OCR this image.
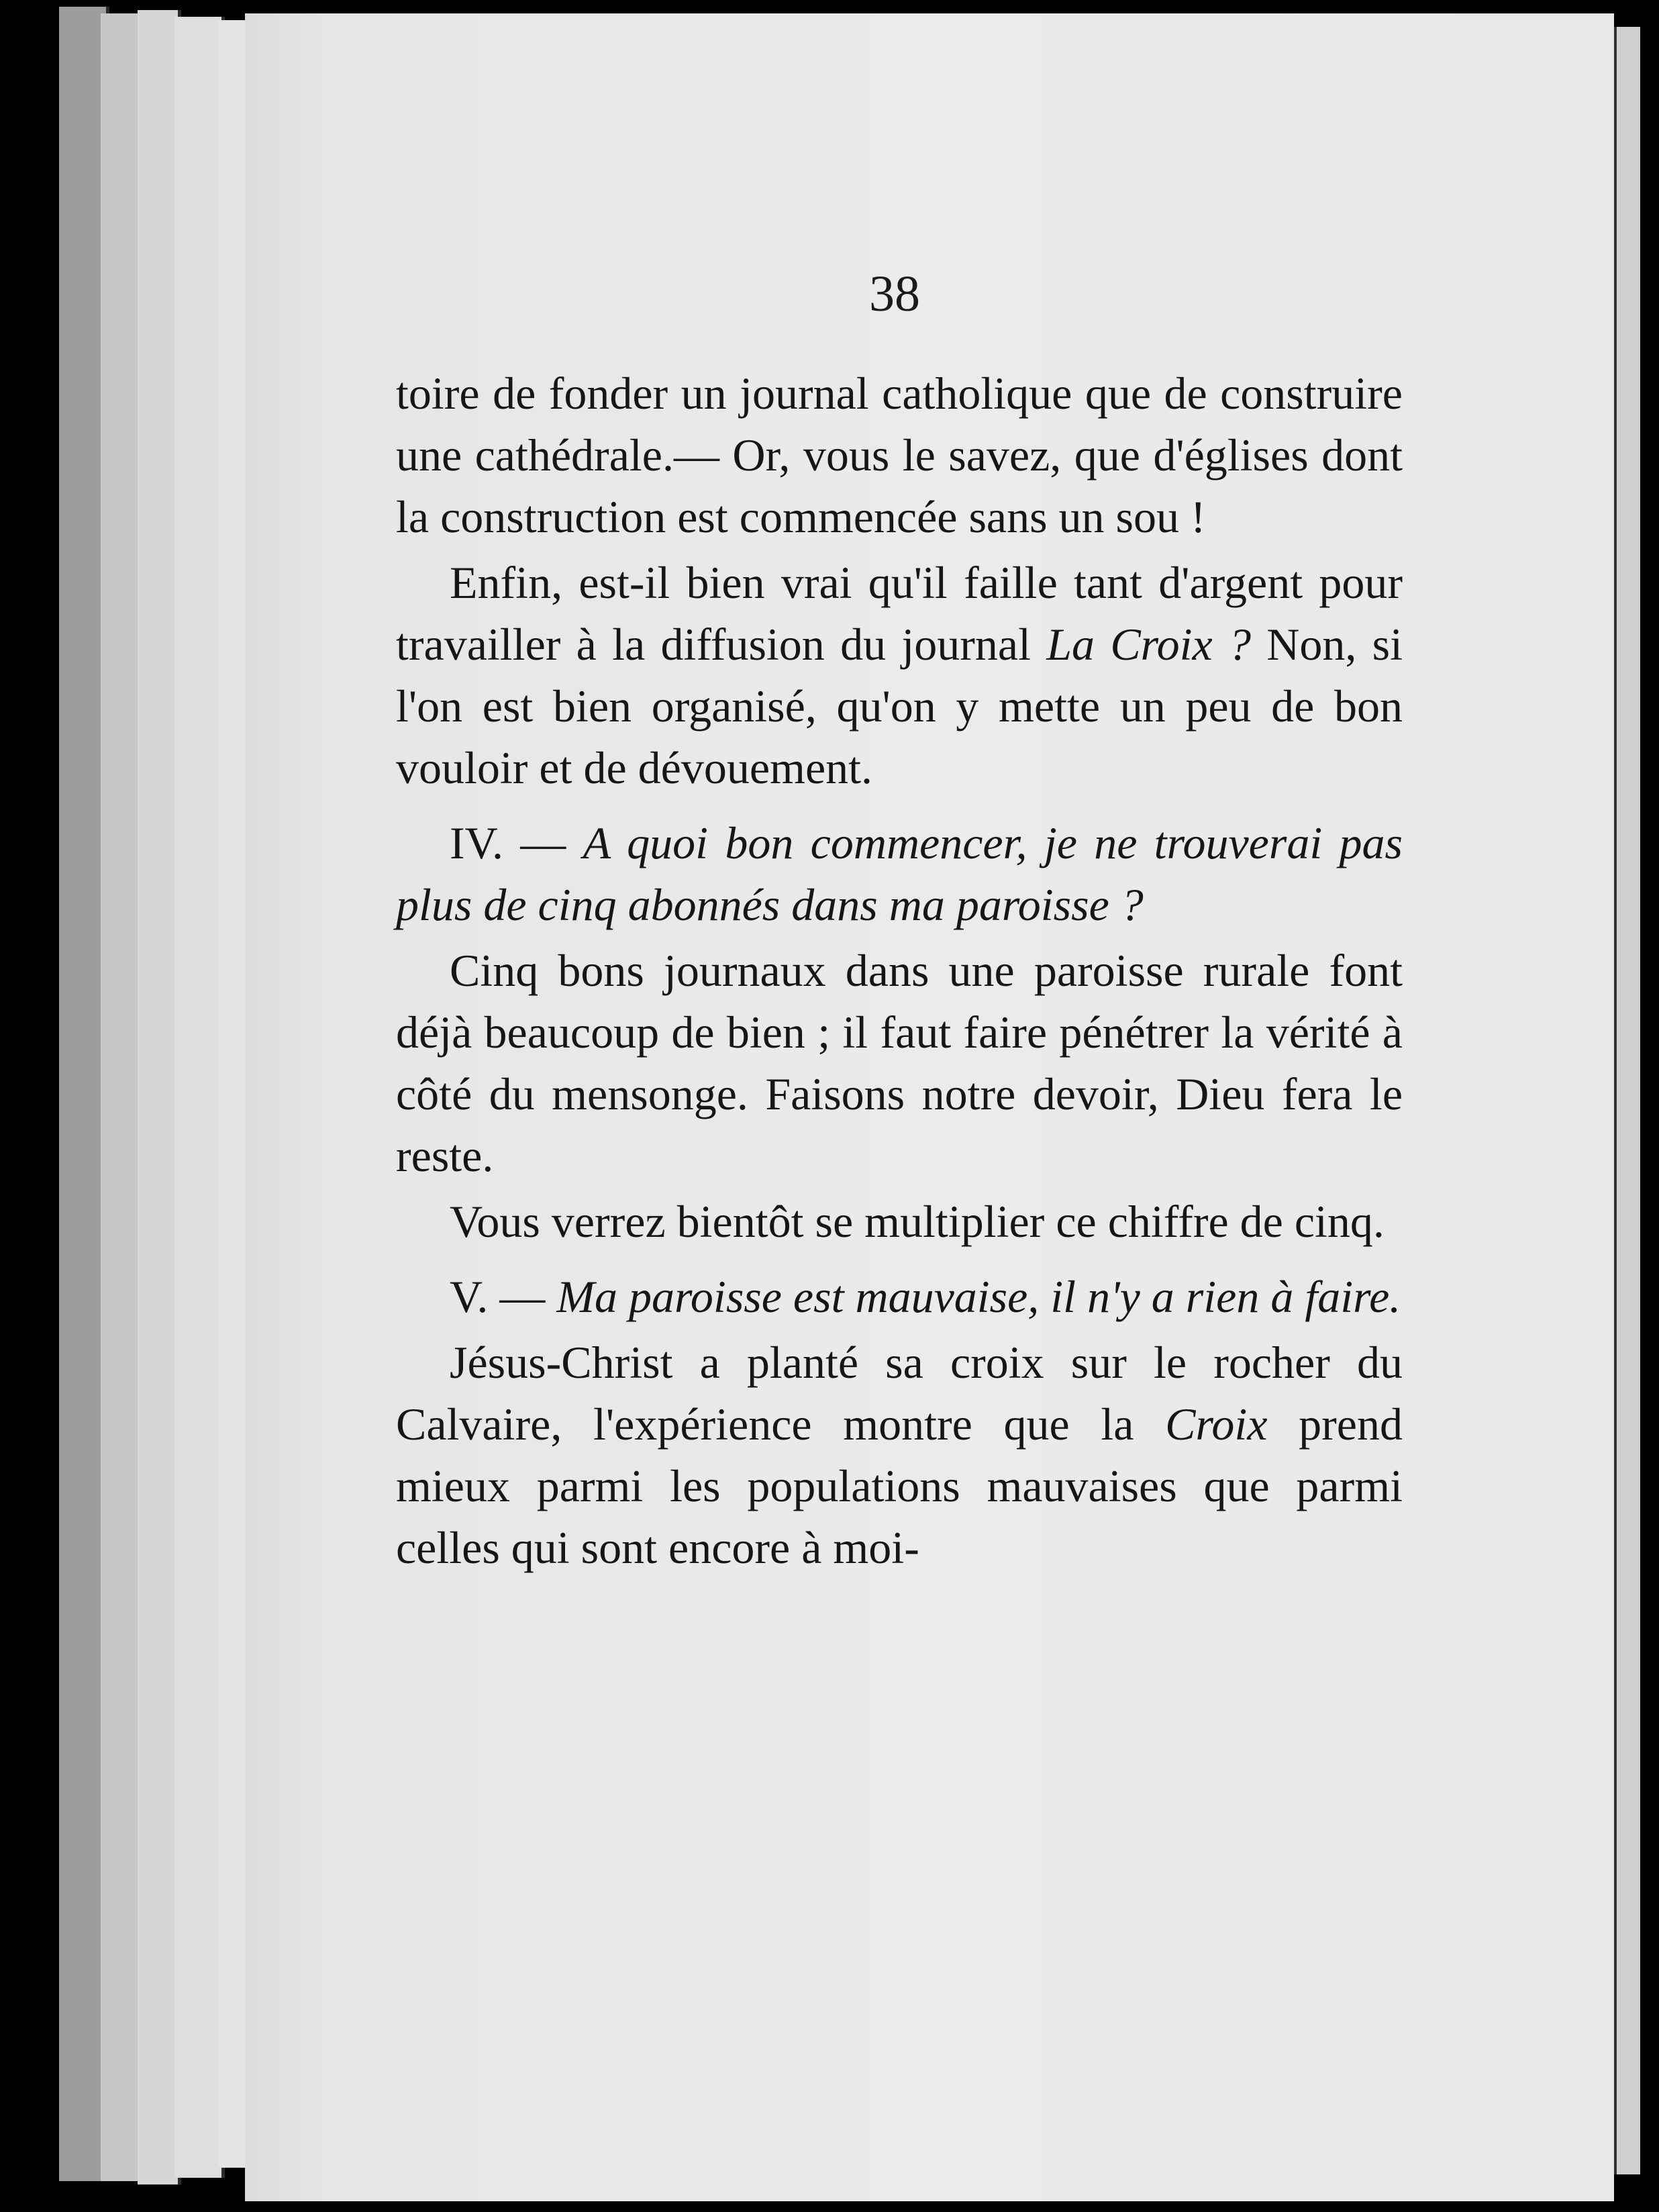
38

toire de fonder un journal catholique que de construire une cathédrale.— Or, vous le savez, que d'églises dont la construction est commencée sans un sou !

Enfin, est-il bien vrai qu'il faille tant d'argent pour travailler à la diffusion du journal La Croix ? Non, si l'on est bien organisé, qu'on y mette un peu de bon vouloir et de dévouement.

IV. — A quoi bon commencer, je ne trouverai pas plus de cinq abonnés dans ma paroisse ?

Cinq bons journaux dans une paroisse rurale font déjà beaucoup de bien ; il faut faire pénétrer la vérité à côté du mensonge. Faisons notre devoir, Dieu fera le reste.

Vous verrez bientôt se multiplier ce chiffre de cinq.

V. — Ma paroisse est mauvaise, il n'y a rien à faire.

Jésus-Christ a planté sa croix sur le rocher du Calvaire, l'expérience montre que la Croix prend mieux parmi les populations mauvaises que parmi celles qui sont encore à moi-
